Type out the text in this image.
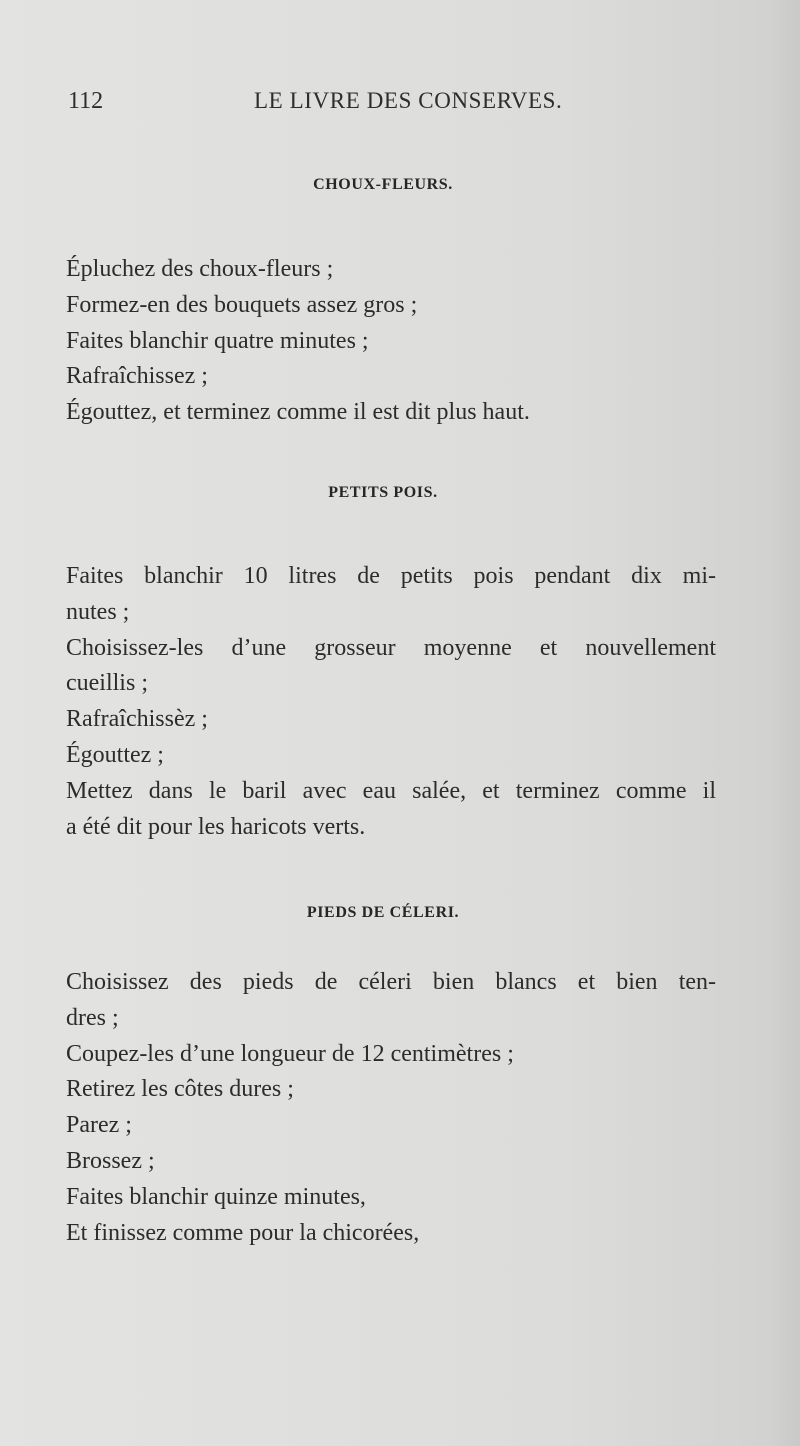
112	LE LIVRE DES CONSERVES.
CHOUX-FLEURS.
Épluchez des choux-fleurs ;
Formez-en des bouquets assez gros ;
Faites blanchir quatre minutes ;
Rafraîchissez ;
Égouttez, et terminez comme il est dit plus haut.
PETITS POIS.
Faites blanchir 10 litres de petits pois pendant dix mi-
nutes ;
Choisissez-les d’une grosseur moyenne et nouvellement
cueillis ;
Rafraîchissèz ;
Égouttez ;
Mettez dans le baril avec eau salée, et terminez comme il
a été dit pour les haricots verts.
PIEDS DE CÉLERI.
Choisissez des pieds de céleri bien blancs et bien ten-
dres ;
Coupez-les d’une longueur de 12 centimètres ;
Retirez les côtes dures ;
Parez ;
Brossez ;
Faites blanchir quinze minutes,
Et finissez comme pour la chicorées,
